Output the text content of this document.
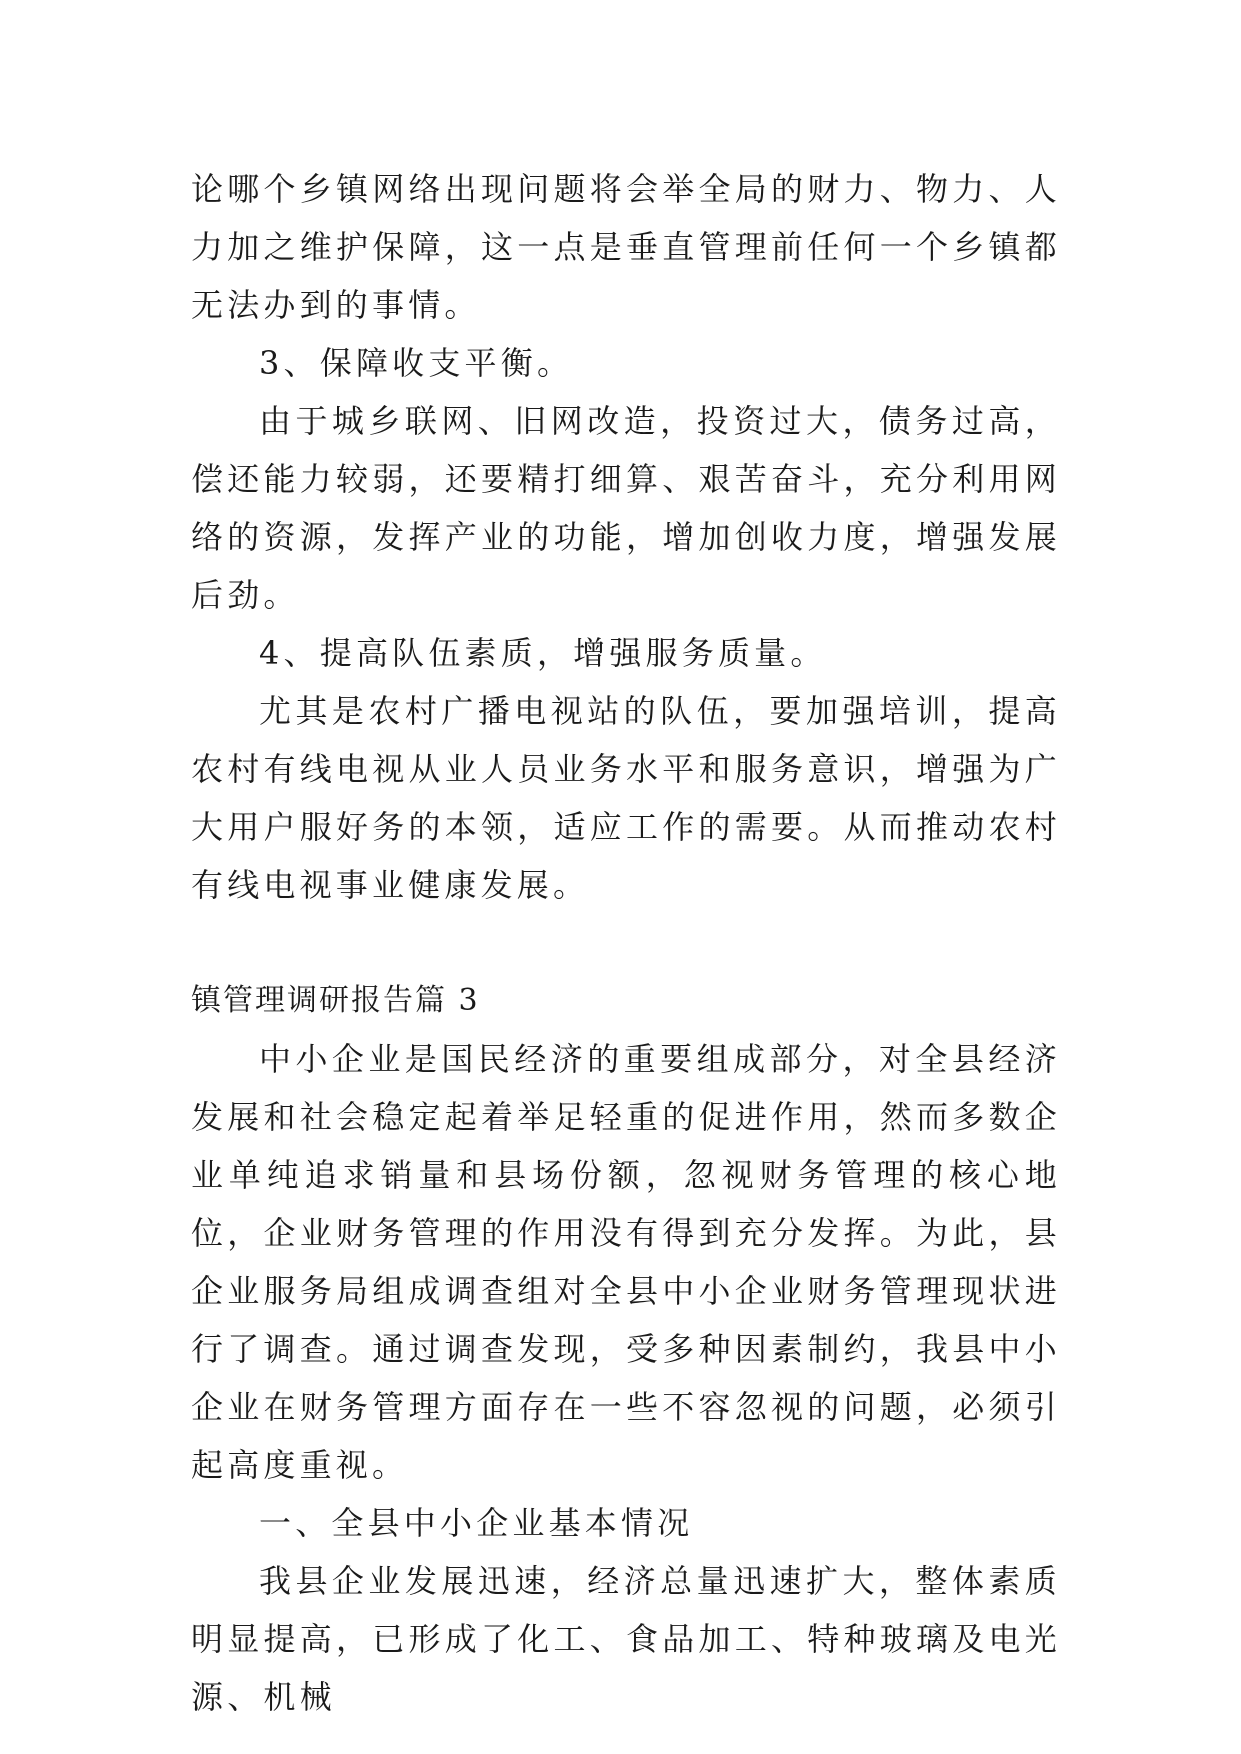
论哪个乡镇网络出现问题将会举全局的财力、物力、人力加之维护保障，这一点是垂直管理前任何一个乡镇都无法办到的事情。

3、保障收支平衡。

由于城乡联网、旧网改造，投资过大，债务过高，偿还能力较弱，还要精打细算、艰苦奋斗，充分利用网络的资源，发挥产业的功能，增加创收力度，增强发展后劲。

4、提高队伍素质，增强服务质量。

尤其是农村广播电视站的队伍，要加强培训，提高农村有线电视从业人员业务水平和服务意识，增强为广大用户服好务的本领，适应工作的需要。从而推动农村有线电视事业健康发展。

镇管理调研报告篇 3

中小企业是国民经济的重要组成部分，对全县经济发展和社会稳定起着举足轻重的促进作用，然而多数企业单纯追求销量和县场份额，忽视财务管理的核心地位，企业财务管理的作用没有得到充分发挥。为此，县企业服务局组成调查组对全县中小企业财务管理现状进行了调查。通过调查发现，受多种因素制约，我县中小企业在财务管理方面存在一些不容忽视的问题，必须引起高度重视。

一、全县中小企业基本情况

我县企业发展迅速，经济总量迅速扩大，整体素质明显提高，已形成了化工、食品加工、特种玻璃及电光源、机械
